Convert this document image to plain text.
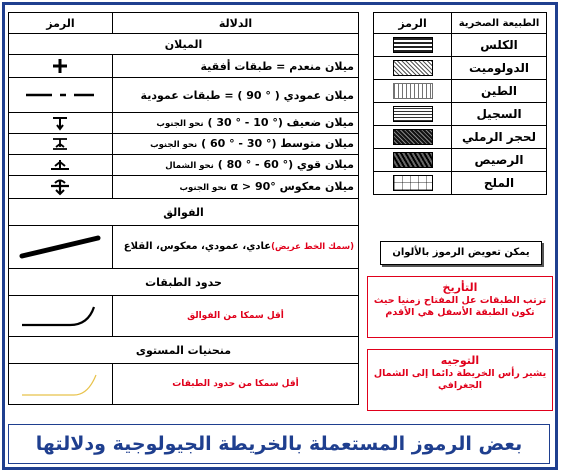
الدلالة	الرمز
الميلان	
ميلان منعدم = طبقات أفقية	

ميلان عمودي ( ° 90 ) = طبقات عمودية	

ميلان ضعيف (° 10 - ° 30 ) نحو الجنوب	

ميلان متوسط (° 30 - ° 60 ) نحو الجنوب	

ميلان قوي (° 60 - ° 80 ) نحو الشمال	

ميلان معكوس α > 90° نحو الجنوب	

الفوالق	
(سمك الخط عريض)عادي، عمودي، معكوس، القلاع	

حدود الطبقات	
أقل سمكا من الفوالق	

منحنيات المستوى	
أقل سمكا من حدود الطبقات	
الطبيعة الصخرية	الرمز
الكلس	

الدولوميت	

الطين	

السجيل	

لحجر الرملي	

الرصيص	

الملح	
يمكن تعويض الرموز بالألوان
التأريخ
ترتب الطبقات عل المفتاح زمنيا حيث تكون الطبقة الأسفل هي الأقدم
التوجيه
يشير رأس الخريطة دائما إلى الشمال الجغرافي
بعض الرموز المستعملة بالخريطة الجيولوجية ودلالتها
